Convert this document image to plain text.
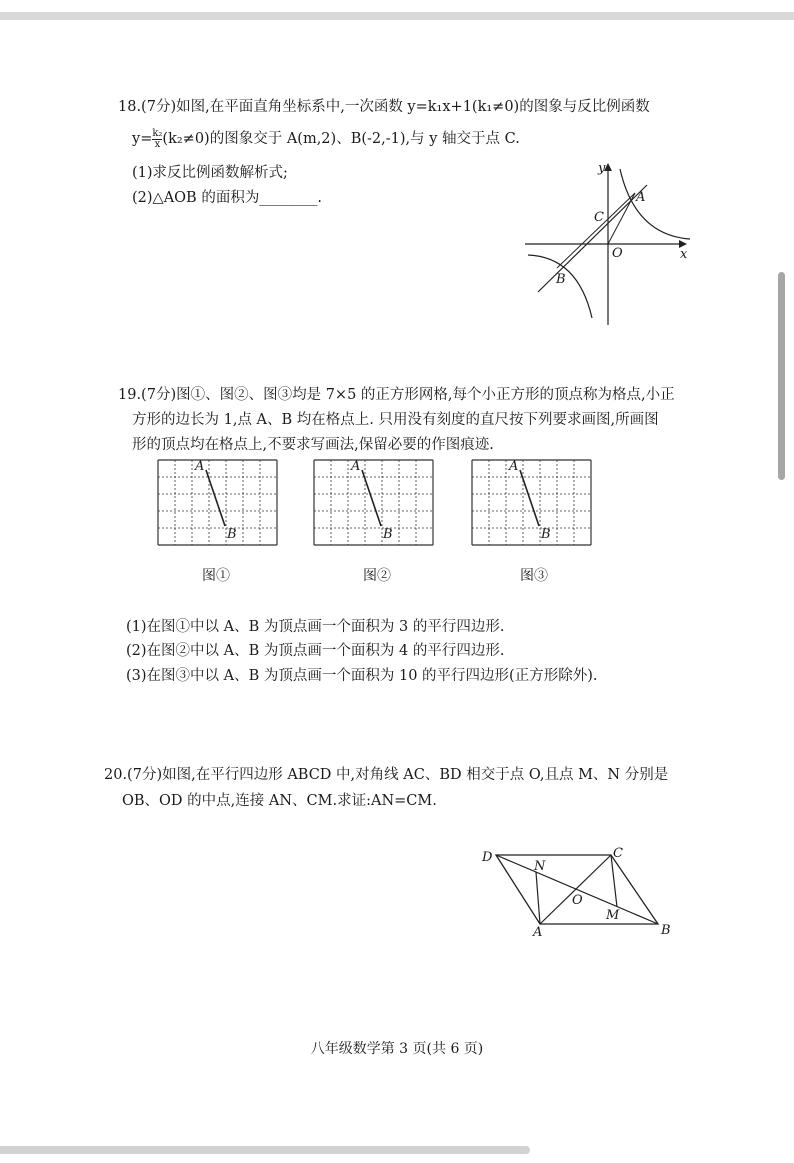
18.(7分)如图,在平面直角坐标系中,一次函数 y=k₁x+1(k₁≠0)的图象与反比例函数
$y= \frac{\text{k₂}}{x} (k_2\ne 0)$的图象交于 A(m,2)、B(-2,-1),与 y 轴交于点 C.
(1)求反比例函数解析式;
(2)△AOB 的面积为________.
y
x
A
B
C
O
19.(7分)图①、图②、图③均是 7×5 的正方形网格,每个小正方形的顶点称为格点,小正
方形的边长为 1,点 A、B 均在格点上. 只用没有刻度的直尺按下列要求画图,所画图
形的顶点均在格点上,不要求写画法,保留必要的作图痕迹.
A
B
A
B
A
B
图①	图②	图③
(1)在图①中以 A、B 为顶点画一个面积为 3 的平行四边形.
(2)在图②中以 A、B 为顶点画一个面积为 4 的平行四边形.
(3)在图③中以 A、B 为顶点画一个面积为 10 的平行四边形(正方形除外).
20.(7分)如图,在平行四边形 ABCD 中,对角线 AC、BD 相交于点 O,且点 M、N 分别是
OB、OD 的中点,连接 AN、CM.求证:AN=CM.
D	C
B
A
O
N
M
八年级数学第 3 页(共 6 页)
